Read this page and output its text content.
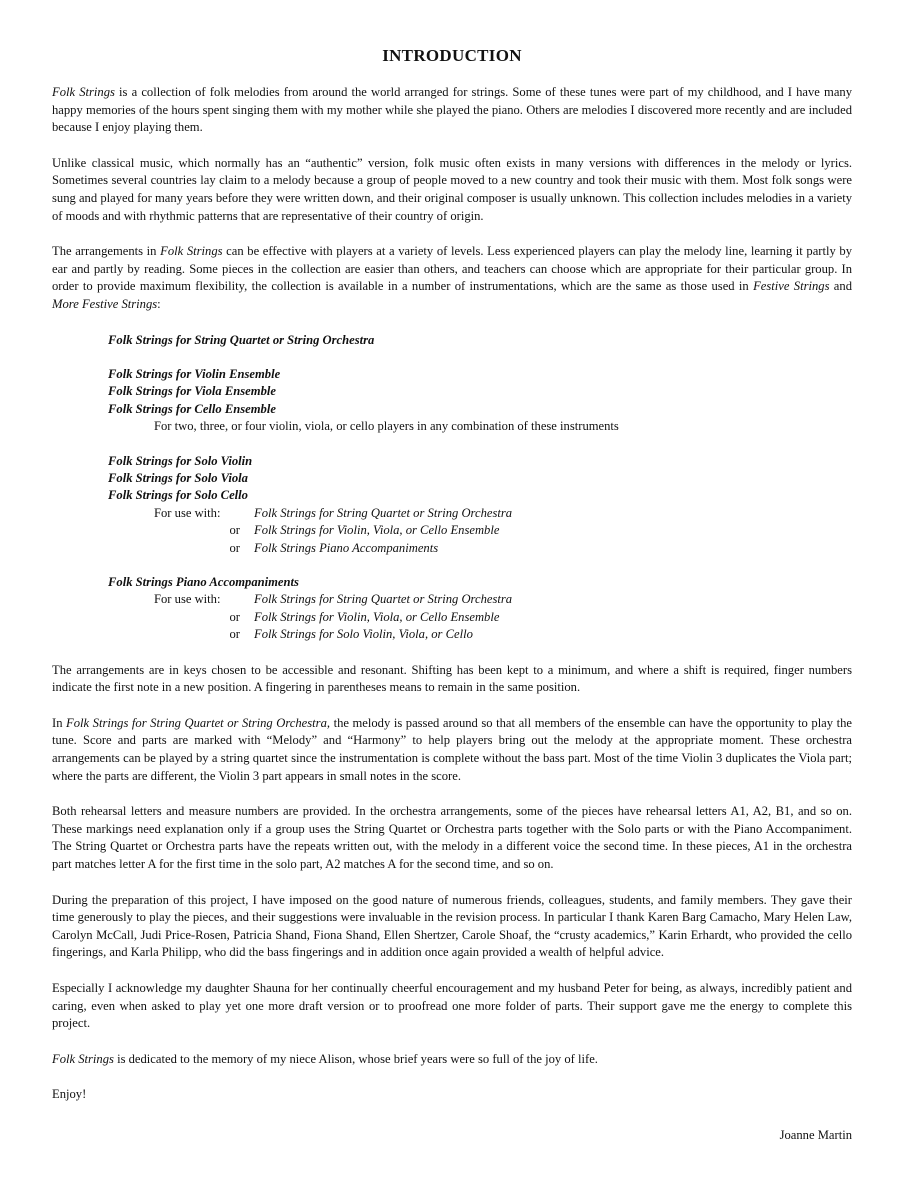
INTRODUCTION

Folk Strings is a collection of folk melodies from around the world arranged for strings. Some of these tunes were part of my childhood, and I have many happy memories of the hours spent singing them with my mother while she played the piano. Others are melodies I discovered more recently and are included because I enjoy playing them.

Unlike classical music, which normally has an “authentic” version, folk music often exists in many versions with differences in the melody or lyrics. Sometimes several countries lay claim to a melody because a group of people moved to a new country and took their music with them. Most folk songs were sung and played for many years before they were written down, and their original composer is usually unknown. This collection includes melodies in a variety of moods and with rhythmic patterns that are representative of their country of origin.

The arrangements in Folk Strings can be effective with players at a variety of levels. Less experienced players can play the melody line, learning it partly by ear and partly by reading. Some pieces in the collection are easier than others, and teachers can choose which are appropriate for their particular group. In order to provide maximum flexibility, the collection is available in a number of instrumentations, which are the same as those used in Festive Strings and More Festive Strings:

Folk Strings for String Quartet or String Orchestra
Folk Strings for Violin Ensemble
Folk Strings for Viola Ensemble
Folk Strings for Cello Ensemble
For two, three, or four violin, viola, or cello players in any combination of these instruments
Folk Strings for Solo Violin
Folk Strings for Solo Viola
Folk Strings for Solo Cello
For use with:	Folk Strings for String Quartet or String Orchestra
or	Folk Strings for Violin, Viola, or Cello Ensemble
or	Folk Strings Piano Accompaniments
Folk Strings Piano Accompaniments
For use with:	Folk Strings for String Quartet or String Orchestra
or	Folk Strings for Violin, Viola, or Cello Ensemble
or	Folk Strings for Solo Violin, Viola, or Cello

The arrangements are in keys chosen to be accessible and resonant. Shifting has been kept to a minimum, and where a shift is required, finger numbers indicate the first note in a new position. A fingering in parentheses means to remain in the same position.

In Folk Strings for String Quartet or String Orchestra, the melody is passed around so that all members of the ensemble can have the opportunity to play the tune. Score and parts are marked with “Melody” and “Harmony” to help players bring out the melody at the appropriate moment. These orchestra arrangements can be played by a string quartet since the instrumentation is complete without the bass part. Most of the time Violin 3 duplicates the Viola part; where the parts are different, the Violin 3 part appears in small notes in the score.

Both rehearsal letters and measure numbers are provided. In the orchestra arrangements, some of the pieces have rehearsal letters A1, A2, B1, and so on. These markings need explanation only if a group uses the String Quartet or Orchestra parts together with the Solo parts or with the Piano Accompaniment. The String Quartet or Orchestra parts have the repeats written out, with the melody in a different voice the second time. In these pieces, A1 in the orchestra part matches letter A for the first time in the solo part, A2 matches A for the second time, and so on.

During the preparation of this project, I have imposed on the good nature of numerous friends, colleagues, students, and family members. They gave their time generously to play the pieces, and their suggestions were invaluable in the revision process. In particular I thank Karen Barg Camacho, Mary Helen Law, Carolyn McCall, Judi Price-Rosen, Patricia Shand, Fiona Shand, Ellen Shertzer, Carole Shoaf, the “crusty academics,” Karin Erhardt, who provided the cello fingerings, and Karla Philipp, who did the bass fingerings and in addition once again provided a wealth of helpful advice.

Especially I acknowledge my daughter Shauna for her continually cheerful encouragement and my husband Peter for being, as always, incredibly patient and caring, even when asked to play yet one more draft version or to proofread one more folder of parts. Their support gave me the energy to complete this project.

Folk Strings is dedicated to the memory of my niece Alison, whose brief years were so full of the joy of life.

Enjoy!

Joanne Martin
